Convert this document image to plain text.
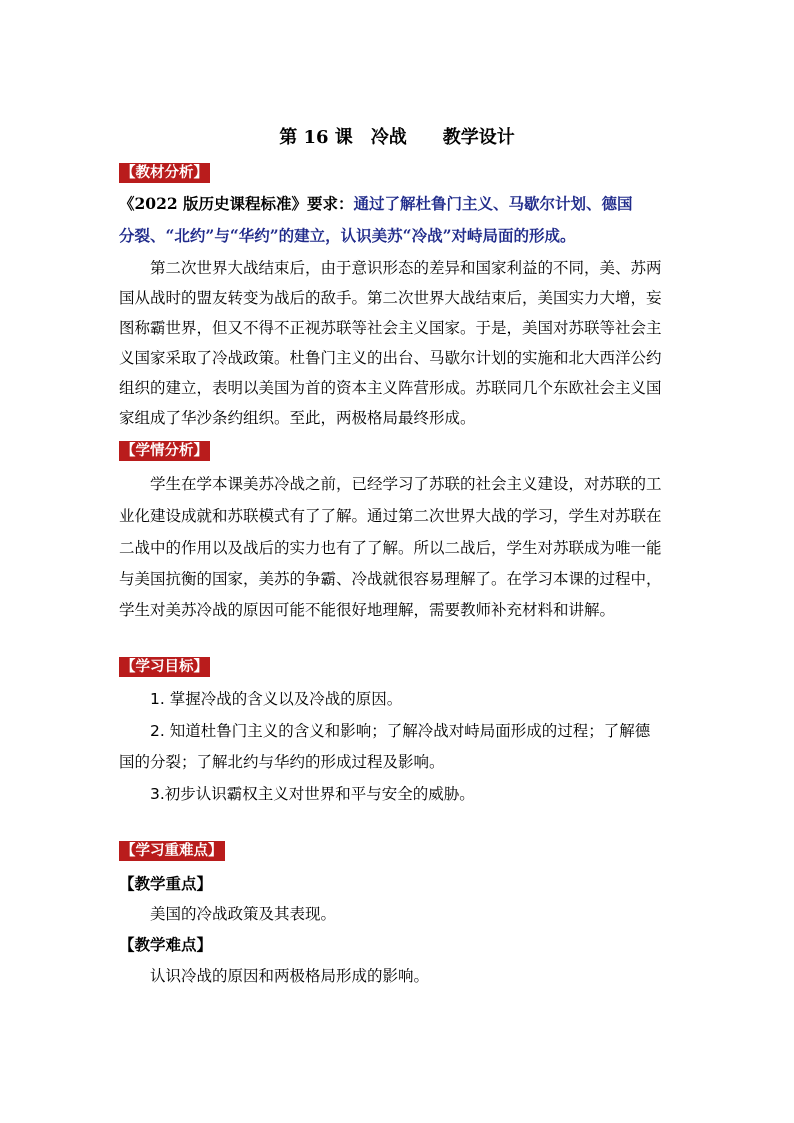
第 16 课　冷战　　教学设计
【教材分析】

《2022 版历史课程标准》要求：通过了解杜鲁门主义、马歇尔计划、德国

分裂、“北约”与“华约”的建立，认识美苏“冷战”对峙局面的形成。

第二次世界大战结束后，由于意识形态的差异和国家利益的不同，美、苏两

国从战时的盟友转变为战后的敌手。第二次世界大战结束后，美国实力大增，妄

图称霸世界，但又不得不正视苏联等社会主义国家。于是，美国对苏联等社会主

义国家采取了冷战政策。杜鲁门主义的出台、马歇尔计划的实施和北大西洋公约

组织的建立，表明以美国为首的资本主义阵营形成。苏联同几个东欧社会主义国

家组成了华沙条约组织。至此，两极格局最终形成。

【学情分析】

学生在学本课美苏冷战之前，已经学习了苏联的社会主义建设，对苏联的工

业化建设成就和苏联模式有了了解。通过第二次世界大战的学习，学生对苏联在

二战中的作用以及战后的实力也有了了解。所以二战后，学生对苏联成为唯一能

与美国抗衡的国家，美苏的争霸、冷战就很容易理解了。在学习本课的过程中，

学生对美苏冷战的原因可能不能很好地理解，需要教师补充材料和讲解。

【学习目标】

1. 掌握冷战的含义以及冷战的原因。

2. 知道杜鲁门主义的含义和影响；了解冷战对峙局面形成的过程；了解德

国的分裂；了解北约与华约的形成过程及影响。

3.初步认识霸权主义对世界和平与安全的威胁。

【学习重难点】
【教学重点】
美国的冷战政策及其表现。
【教学难点】
认识冷战的原因和两极格局形成的影响。
